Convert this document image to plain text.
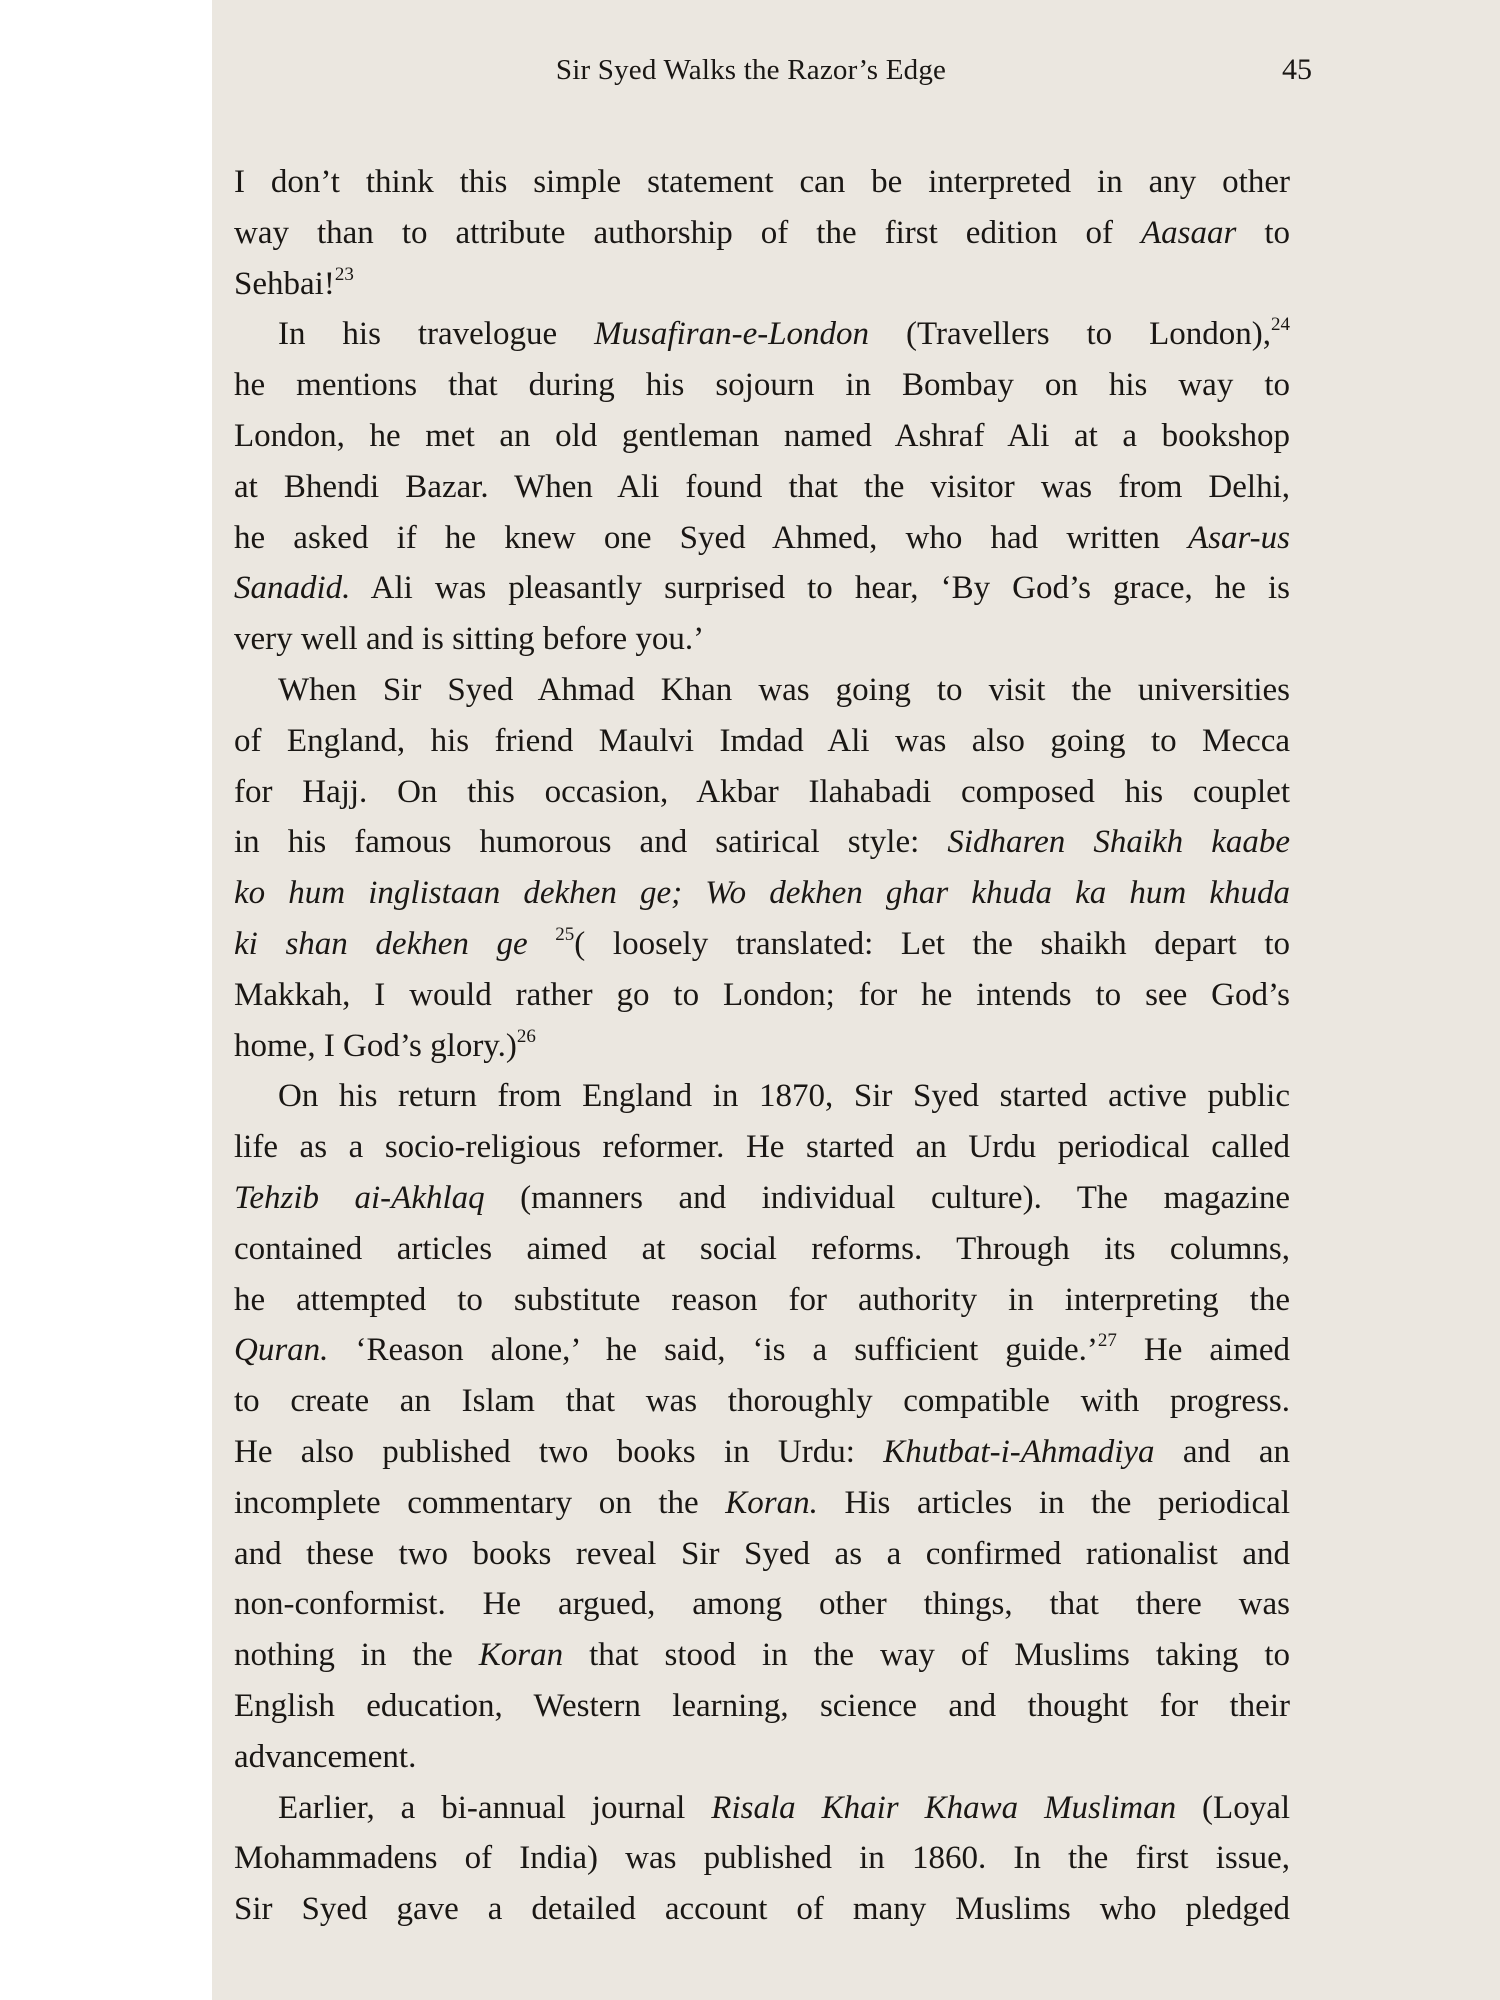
Sir Syed Walks the Razor’s Edge	45
I don’t think this simple statement can be interpreted in any other
way than to attribute authorship of the first edition of Aasaar to
Sehbai!$^{23}$
In his travelogue Musafiran-e-London (Travellers to London),$^{24}$
he mentions that during his sojourn in Bombay on his way to
London, he met an old gentleman named Ashraf Ali at a bookshop
at Bhendi Bazar. When Ali found that the visitor was from Delhi,
he asked if he knew one Syed Ahmed, who had written Asar-us
Sanadid. Ali was pleasantly surprised to hear, ‘By God’s grace, he is
very well and is sitting before you.’
When Sir Syed Ahmad Khan was going to visit the universities
of England, his friend Maulvi Imdad Ali was also going to Mecca
for Hajj. On this occasion, Akbar Ilahabadi composed his couplet
in his famous humorous and satirical style: Sidharen Shaikh kaabe
ko hum inglistaan dekhen ge; Wo dekhen ghar khuda ka hum khuda
ki shan dekhen ge $^{25}$( loosely translated: Let the shaikh depart to
Makkah, I would rather go to London; for he intends to see God’s
home, I God’s glory.)$^{26}$
On his return from England in 1870, Sir Syed started active public
life as a socio-religious reformer. He started an Urdu periodical called
Tehzib ai-Akhlaq (manners and individual culture). The magazine
contained articles aimed at social reforms. Through its columns,
he attempted to substitute reason for authority in interpreting the
Quran. ‘Reason alone,’ he said, ‘is a sufficient guide.’$^{27}$ He aimed
to create an Islam that was thoroughly compatible with progress.
He also published two books in Urdu: Khutbat-i-Ahmadiya and an
incomplete commentary on the Koran. His articles in the periodical
and these two books reveal Sir Syed as a confirmed rationalist and
non-conformist. He argued, among other things, that there was
nothing in the Koran that stood in the way of Muslims taking to
English education, Western learning, science and thought for their
advancement.
Earlier, a bi-annual journal Risala Khair Khawa Musliman (Loyal
Mohammadens of India) was published in 1860. In the first issue,
Sir Syed gave a detailed account of many Muslims who pledged
